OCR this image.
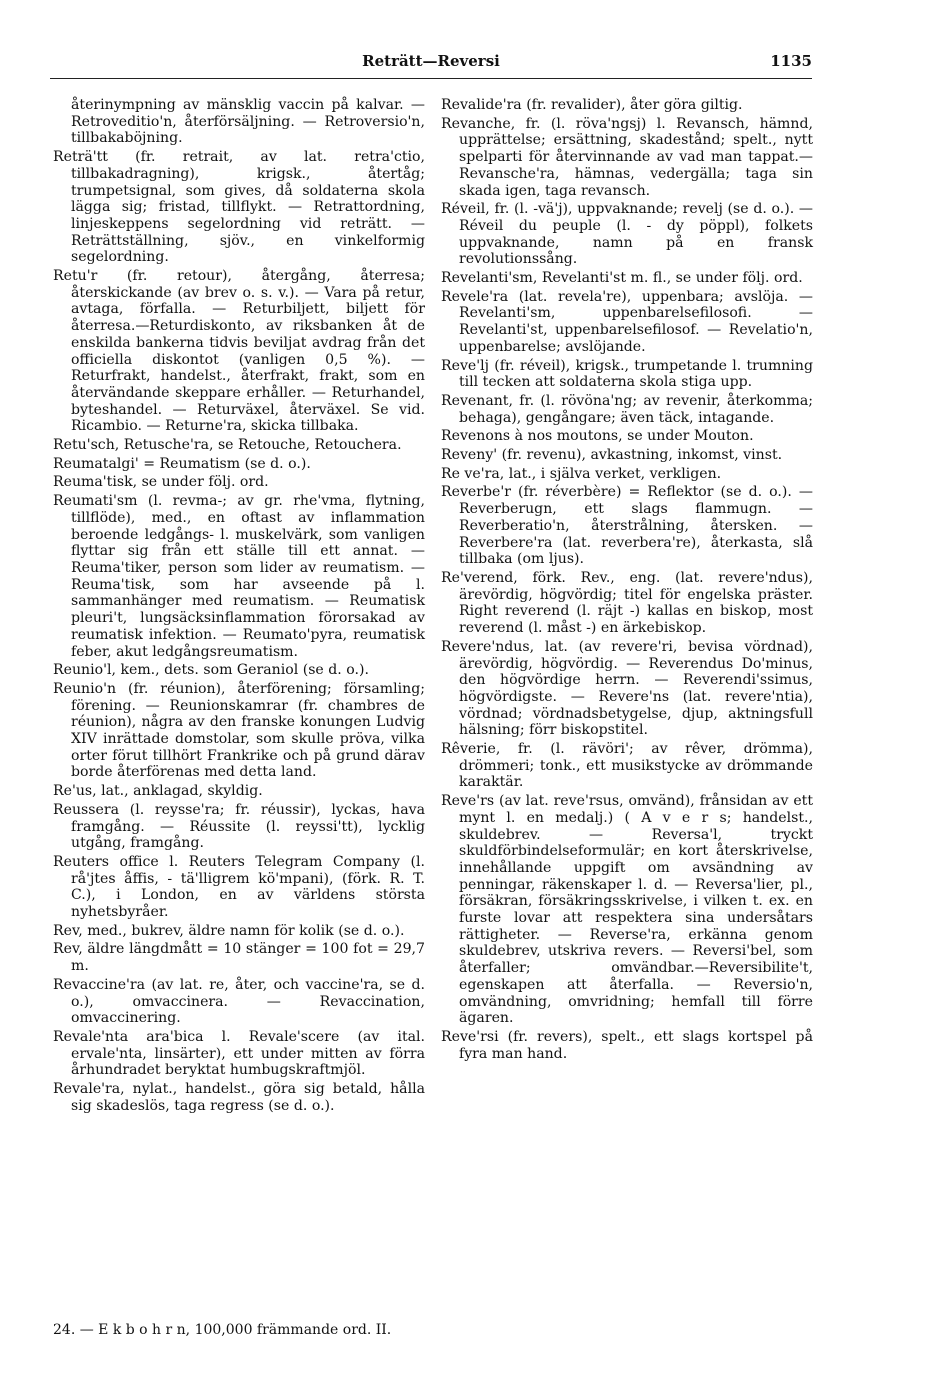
Reträtt—Reversi	1135

återinympning av mänsklig vaccin på kalvar. — Retroveditio'n, återförsäljning. — Retroversio'n, tillbakaböjning.

Reträ'tt (fr. retrait, av lat. retra'ctio, tillbakadragning), krigsk., återtåg; trumpetsignal, som gives, då soldaterna skola lägga sig; fristad, tillflykt. — Retrattordning, linjeskeppens segelordning vid reträtt. — Reträttställning, sjöv., en vinkelformig segelordning.

Retu'r (fr. retour), återgång, återresa; återskickande (av brev o. s. v.). — Vara på retur, avtaga, förfalla. — Returbiljett, biljett för återresa.—Returdiskonto, av riksbanken åt de enskilda bankerna tidvis beviljat avdrag från det officiella diskontot (vanligen 0,5 %). — Returfrakt, handelst., återfrakt, frakt, som en återvändande skeppare erhåller. — Returhandel, byteshandel. — Returväxel, återväxel. Se vid. Ricambio. — Returne'ra, skicka tillbaka.

Retu'sch, Retusche'ra, se Retouche, Retouchera.

Reumatalgi' = Reumatism (se d. o.).

Reuma'tisk, se under följ. ord.

Reumati'sm (l. revma-; av gr. rhe'vma, flytning, tillflöde), med., en oftast av inflammation beroende ledgångs- l. muskelvärk, som vanligen flyttar sig från ett ställe till ett annat. — Reuma'tiker, person som lider av reumatism. — Reuma'tisk, som har avseende på l. sammanhänger med reumatism. — Reumatisk pleuri't, lungsäcksinflammation förorsakad av reumatisk infektion. — Reumato'pyra, reumatisk feber, akut ledgångsreumatism.

Reunio'l, kem., dets. som Geraniol (se d. o.).

Reunio'n (fr. réunion), återförening; församling; förening. — Reunionskamrar (fr. chambres de réunion), några av den franske konungen Ludvig XIV inrättade domstolar, som skulle pröva, vilka orter förut tillhört Frankrike och på grund därav borde återförenas med detta land.

Re'us, lat., anklagad, skyldig.

Reussera (l. reysse'ra; fr. réussir), lyckas, hava framgång. — Réussite (l. reyssi'tt), lycklig utgång, framgång.

Reuters office l. Reuters Telegram Company (l. rå'jtes åffis, - tä'lligrem kö'mpani), (förk. R. T. C.), i London, en av världens största nyhetsbyråer.

Rev, med., bukrev, äldre namn för kolik (se d. o.).

Rev, äldre längdmått = 10 stänger = 100 fot = 29,7 m.

Revaccine'ra (av lat. re, åter, och vaccine'ra, se d. o.), omvaccinera. — Revaccination, omvaccinering.

Revale'nta ara'bica l. Revale'scere (av ital. ervale'nta, linsärter), ett under mitten av förra århundradet beryktat humbugskraftmjöl.

Revale'ra, nylat., handelst., göra sig betald, hålla sig skadeslös, taga regress (se d. o.).

Revalide'ra (fr. revalider), åter göra giltig.

Revanche, fr. (l. röva'ngsj) l. Revansch, hämnd, upprättelse; ersättning, skadestånd; spelt., nytt spelparti för återvinnande av vad man tappat.—Revansche'ra, hämnas, vedergälla; taga sin skada igen, taga revansch.

Réveil, fr. (l. -vä'j), uppvaknande; revelj (se d. o.). — Réveil du peuple (l. - dy pöppl), folkets uppvaknande, namn på en fransk revolutionssång.

Revelanti'sm, Revelanti'st m. fl., se under följ. ord.

Revele'ra (lat. revela're), uppenbara; avslöja. — Revelanti'sm, uppenbarelsefilosofi. — Revelanti'st, uppenbarelsefilosof. — Revelatio'n, uppenbarelse; avslöjande.

Reve'lj (fr. réveil), krigsk., trumpetande l. trumning till tecken att soldaterna skola stiga upp.

Revenant, fr. (l. rövöna'ng; av revenir, återkomma; behaga), gengångare; även täck, intagande.

Revenons à nos moutons, se under Mouton.

Reveny' (fr. revenu), avkastning, inkomst, vinst.

Re ve'ra, lat., i själva verket, verkligen.

Reverbe'r (fr. réverbère) = Reflektor (se d. o.). — Reverberugn, ett slags flammugn. — Reverberatio'n, återstrålning, återsken. — Reverbere'ra (lat. reverbera're), återkasta, slå tillbaka (om ljus).

Re'verend, förk. Rev., eng. (lat. revere'ndus), ärevördig, högvördig; titel för engelska präster. Right reverend (l. räjt -) kallas en biskop, most reverend (l. måst -) en ärkebiskop.

Revere'ndus, lat. (av revere'ri, bevisa vördnad), ärevördig, högvördig. — Reverendus Do'minus, den högvördige herrn. — Reverendi'ssimus, högvördigste. — Revere'ns (lat. revere'ntia), vördnad; vördnadsbetygelse, djup, aktningsfull hälsning; förr biskopstitel.

Rêverie, fr. (l. rävöri'; av rêver, drömma), drömmeri; tonk., ett musikstycke av drömmande karaktär.

Reve'rs (av lat. reve'rsus, omvänd), frånsidan av ett mynt l. en medalj.) ( A v e r s; handelst., skuldebrev. — Reversa'l, tryckt skuldförbindelseformulär; en kort återskrivelse, innehållande uppgift om avsändning av penningar, räkenskaper l. d. — Reversa'lier, pl., försäkran, försäkringsskrivelse, i vilken t. ex. en furste lovar att respektera sina undersåtars rättigheter. — Reverse'ra, erkänna genom skuldebrev, utskriva revers. — Reversi'bel, som återfaller; omvändbar.—Reversibilite't, egenskapen att återfalla. — Reversio'n, omvändning, omvridning; hemfall till förre ägaren.

Reve'rsi (fr. revers), spelt., ett slags kortspel på fyra man hand.

24. — E k b o h r n, 100,000 främmande ord. II.
